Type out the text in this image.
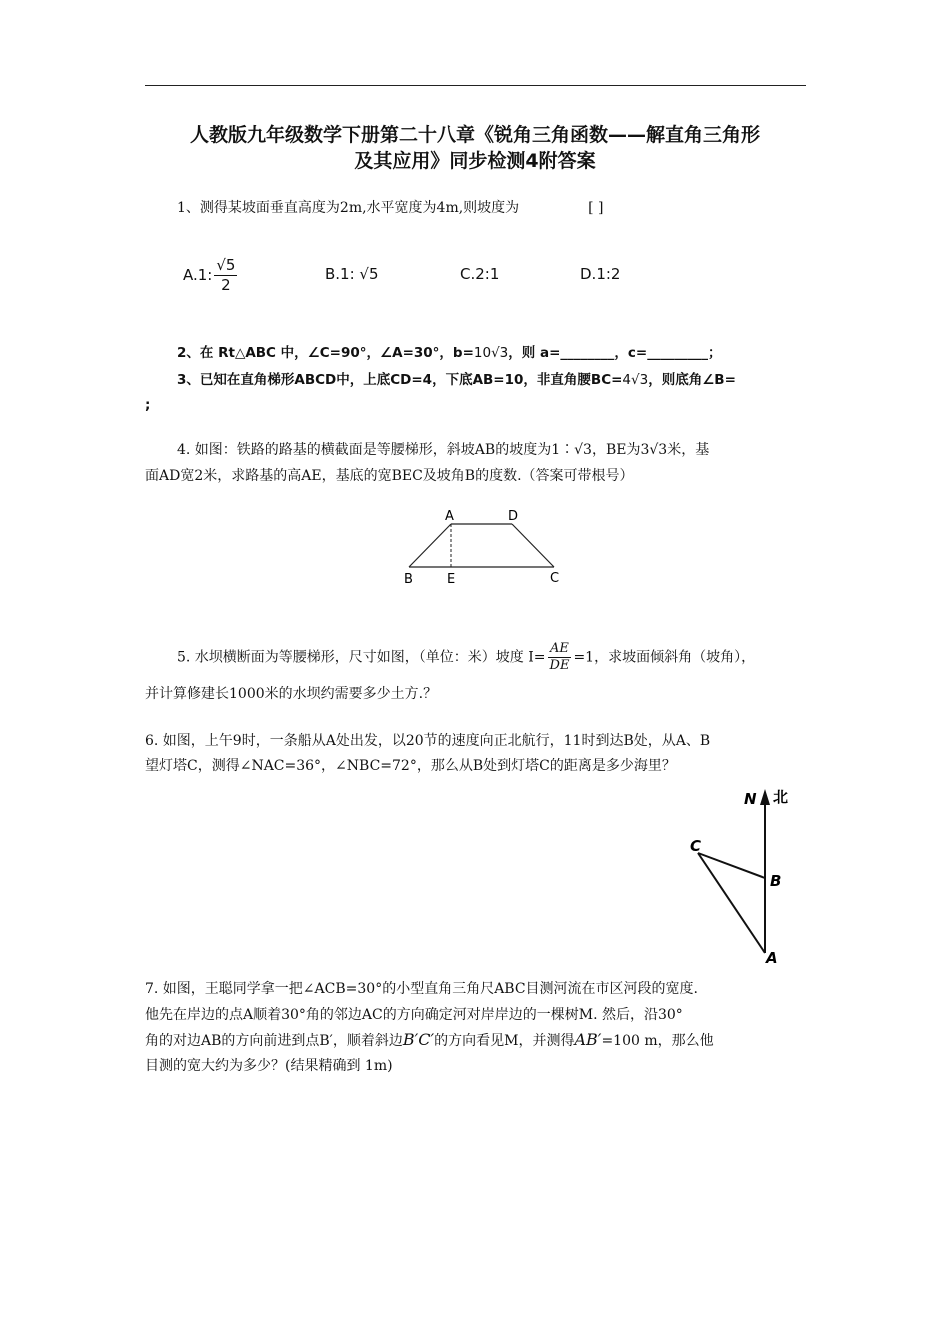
人教版九年级数学下册第二十八章《锐角三角函数——解直角三角形
及其应用》同步检测4附答案
1、测得某坡面垂直高度为2m,水平宽度为4m,则坡度为	[ ]
A.1: $\frac{√5}{2}$	B.1: √5	C.2:1	D.1:2
2、在 Rt△ABC 中，∠C=90°，∠A=30°，b=10√3，则 a=________，c=_________；
3、已知在直角梯形ABCD中，上底CD=4，下底AB=10，非直角腰BC=4√3，则底角∠B=
;
4. 如图：铁路的路基的横截面是等腰梯形，斜坡AB的坡度为1∶√3，BE为3√3米，基
面AD宽2米，求路基的高AE，基底的宽BEC及坡角B的度数.（答案可带根号）
A	D
B	E	C
5. 水坝横断面为等腰梯形，尺寸如图，（单位：米）坡度 $I= \frac{AE}{DE} =1$，求坡面倾斜角（坡角），
并计算修建长1000米的水坝约需要多少土方.？
6. 如图，上午9时，一条船从A处出发，以20节的速度向正北航行，11时到达B处，从A、B
望灯塔C，测得∠NAC=36°，∠NBC=72°，那么从B处到灯塔C的距离是多少海里？
N 北
C
B
A
7. 如图，王聪同学拿一把∠ACB=30°的小型直角三角尺ABC目测河流在市区河段的宽度.
他先在岸边的点A顺着30°角的邻边AC的方向确定河对岸岸边的一棵树M. 然后，沿30°
角的对边AB的方向前进到点B′，顺着斜边B′C′的方向看见M，并测得AB′=100 m，那么他
目测的宽大约为多少？(结果精确到 1m)
